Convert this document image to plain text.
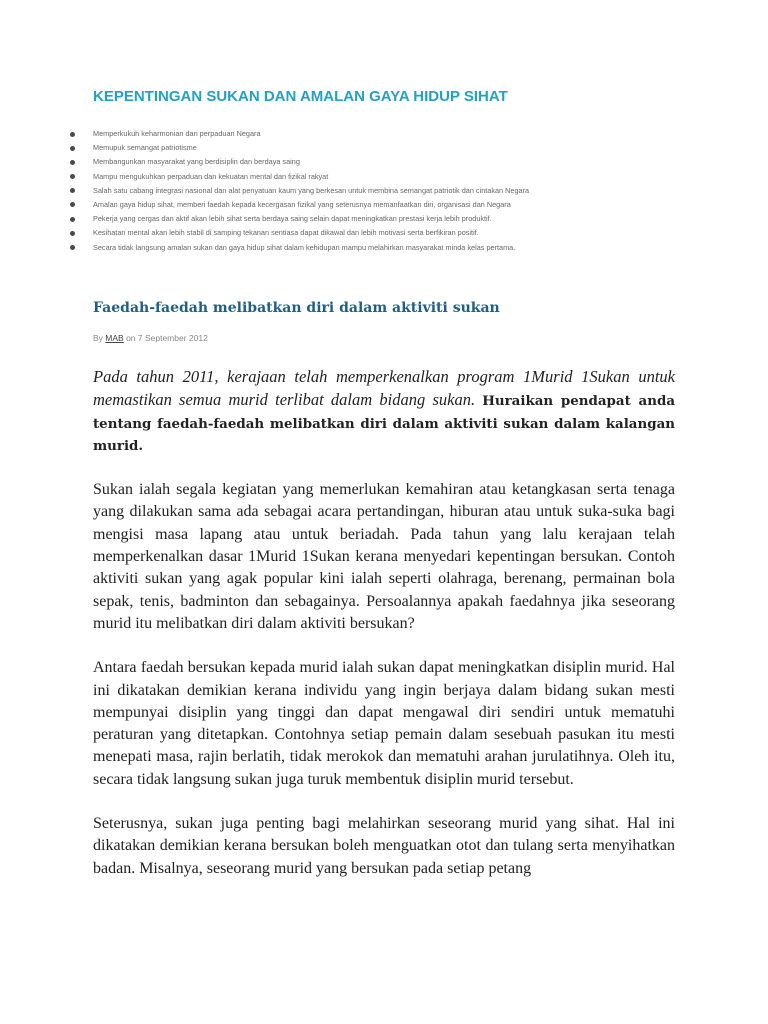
KEPENTINGAN SUKAN DAN AMALAN GAYA HIDUP SIHAT
Memperkukuh keharmonian dan perpaduan Negara
Memupuk semangat patriotisme
Membangunkan masyarakat yang berdisiplin dan berdaya saing
Mampu mengukuhkan perpaduan dan kekuatan mental dan fizikal rakyat
Salah satu cabang integrasi nasional dan alat penyatuan kaum yang berkesan untuk membina semangat patriotik dan cintakan Negara
Amalan gaya hidup sihat, memberi faedah kepada kecergasan fizikal yang seterusnya memanfaatkan diri, organisasi dan Negara
Pekerja yang cergas dan aktif akan lebih sihat serta berdaya saing selain dapat meningkatkan prestasi kerja lebih produktif.
Kesihatan mental akan lebih stabil di samping tekanan sentiasa dapat dikawal dan lebih motivasi serta berfikiran positif.
Secara tidak langsung amalan sukan dan gaya hidup sihat dalam kehidupan mampu melahirkan masyarakat minda kelas pertama.
Faedah-faedah melibatkan diri dalam aktiviti sukan
By MAB on 7 September 2012

Pada tahun 2011, kerajaan telah memperkenalkan program 1Murid 1Sukan untuk memastikan semua murid terlibat dalam bidang sukan. Huraikan pendapat anda tentang faedah-faedah melibatkan diri dalam aktiviti sukan dalam kalangan murid.

Sukan ialah segala kegiatan yang memerlukan kemahiran atau ketangkasan serta tenaga yang dilakukan sama ada sebagai acara pertandingan, hiburan atau untuk suka-suka bagi mengisi masa lapang atau untuk beriadah. Pada tahun yang lalu kerajaan telah memperkenalkan dasar 1Murid 1Sukan kerana menyedari kepentingan bersukan. Contoh aktiviti sukan yang agak popular kini ialah seperti olahraga, berenang, permainan bola sepak, tenis, badminton dan sebagainya. Persoalannya apakah faedahnya jika seseorang murid itu melibatkan diri dalam aktiviti bersukan?

Antara faedah bersukan kepada murid ialah sukan dapat meningkatkan disiplin murid. Hal ini dikatakan demikian kerana individu yang ingin berjaya dalam bidang sukan mesti mempunyai disiplin yang tinggi dan dapat mengawal diri sendiri untuk mematuhi peraturan yang ditetapkan. Contohnya setiap pemain dalam sesebuah pasukan itu mesti menepati masa, rajin berlatih, tidak merokok dan mematuhi arahan jurulatihnya. Oleh itu, secara tidak langsung sukan juga turuk membentuk disiplin murid tersebut.

Seterusnya, sukan juga penting bagi melahirkan seseorang murid yang sihat. Hal ini dikatakan demikian kerana bersukan boleh menguatkan otot dan tulang serta menyihatkan badan. Misalnya, seseorang murid yang bersukan pada setiap petang
